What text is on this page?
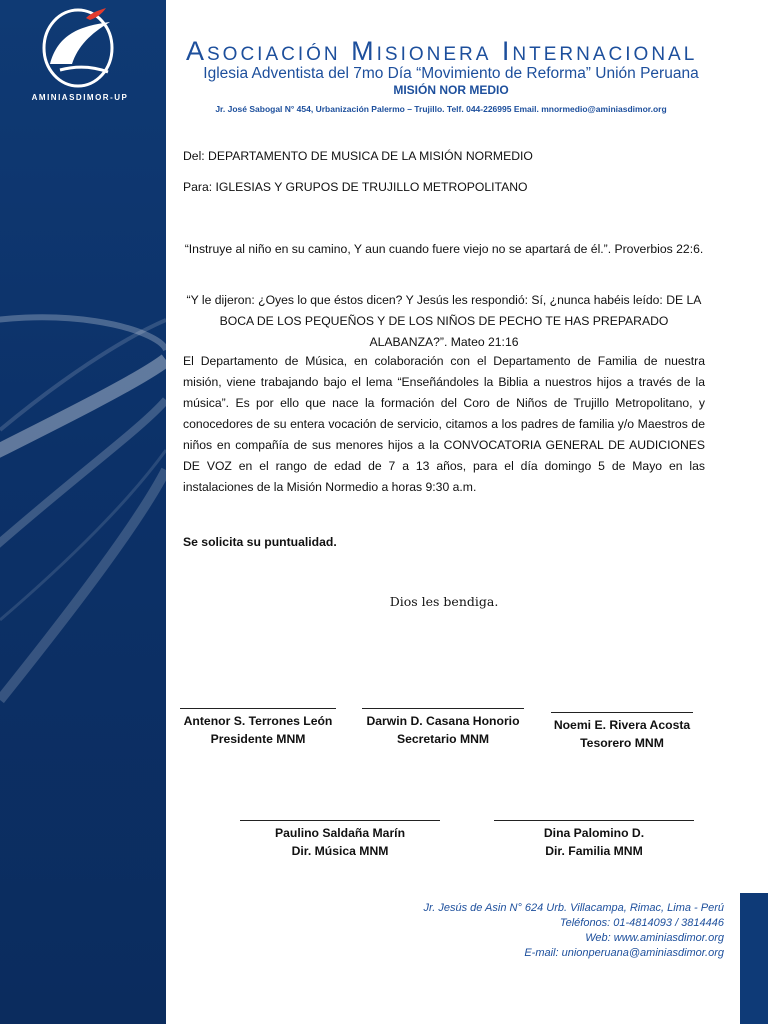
AMINIASDIMOR-UP
Asociación Misionera Internacional
Iglesia Adventista del 7mo Día “Movimiento de Reforma” Unión Peruana
MISIÓN NOR MEDIO
Jr. José Sabogal N° 454, Urbanización Palermo – Trujillo. Telf. 044-226995 Email. mnormedio@aminiasdimor.org
Del: DEPARTAMENTO DE MUSICA DE LA MISIÓN NORMEDIO
Para: IGLESIAS Y GRUPOS DE TRUJILLO METROPOLITANO
“Instruye al niño en su camino, Y aun cuando fuere viejo no se apartará de él.”. Proverbios 22:6.
“Y le dijeron: ¿Oyes lo que éstos dicen? Y Jesús les respondió: Sí, ¿nunca habéis leído: DE LA BOCA DE LOS PEQUEÑOS Y DE LOS NIÑOS DE PECHO TE HAS PREPARADO ALABANZA?”. Mateo 21:16
El Departamento de Música, en colaboración con el Departamento de Familia de nuestra misión, viene trabajando bajo el lema “Enseñándoles la Biblia a nuestros hijos a través de la música”. Es por ello que nace la formación del Coro de Niños de Trujillo Metropolitano, y conocedores de su entera vocación de servicio, citamos a los padres de familia y/o Maestros de niños en compañía de sus menores hijos a la CONVOCATORIA GENERAL DE AUDICIONES DE VOZ en el rango de edad de 7 a 13 años, para el día domingo 5 de Mayo en las instalaciones de la Misión Normedio a horas 9:30 a.m.
Se solicita su puntualidad.
Dios les bendiga.
Antenor S. Terrones León
Presidente MNM
Darwin D. Casana Honorio
Secretario MNM
Noemi E. Rivera Acosta
Tesorero MNM
Paulino Saldaña Marín
Dir. Música MNM
Dina Palomino D.
Dir. Familia MNM
Jr. Jesús de Asin N° 624 Urb. Villacampa, Rimac, Lima - Perú
Teléfonos: 01-4814093 / 3814446
Web: www.aminiasdimor.org
E-mail: unionperuana@aminiasdimor.org
